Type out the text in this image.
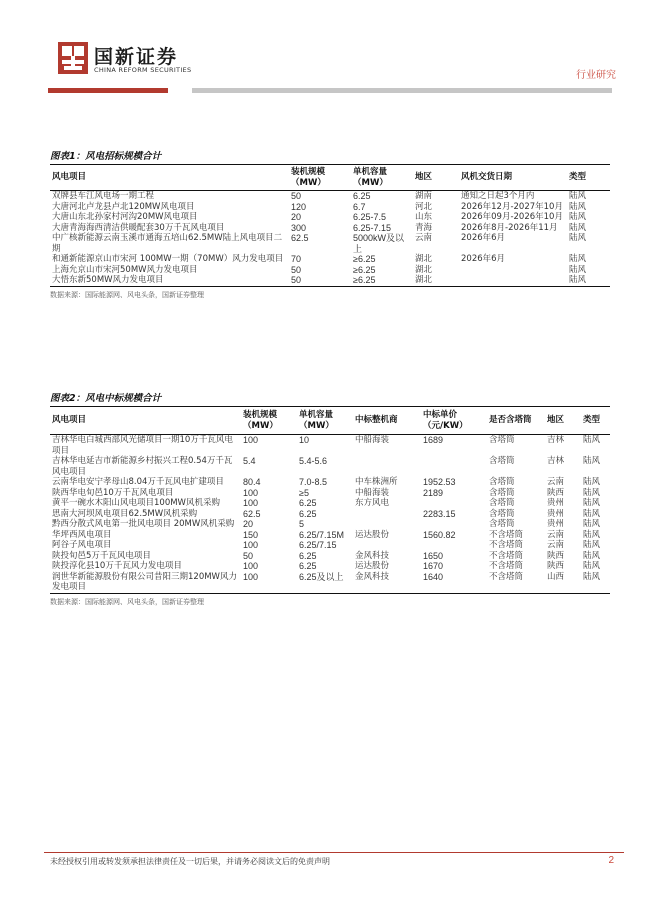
国新证券
CHINA REFORM SECURITIES	行业研究
图表1：风电招标规模合计
风电项目	装机规模（MW）	单机容量（MW）	地区	风机交货日期	类型
双牌县车江风电场一期工程	50	6.25	湖南	通知之日起3个月内	陆风
大唐河北卢龙县卢北120MW风电项目	120	6.7	河北	2026年12月-2027年10月	陆风
大唐山东北孙家村河沟20MW风电项目	20	6.25-7.5	山东	2026年09月-2026年10月	陆风
大唐青海海西清洁供暖配套30万千瓦风电项目	300	6.25-7.15	青海	2026年8月-2026年11月	陆风
中广核新能源云南玉溪市通海五培山62.5MW陆上风电项目二期	62.5	5000kW及以上	云南	2026年6月	陆风
和通新能源京山市宋河 100MW一期（70MW）风力发电项目	70	≥6.25	湖北	2026年6月	陆风
上海允京山市宋河50MW风力发电项目	50	≥6.25	湖北		陆风
大悟东新50MW风力发电项目	50	≥6.25	湖北		陆风
数据来源：国际能源网、风电头条，国新证券整理
图表2：风电中标规模合计
风电项目	装机规模（MW）	单机容量（MW）	中标整机商	中标单价（元/KW）	是否含塔筒	地区	类型
吉林华电白城西部风光储项目一期10万千瓦风电项目	100	10	中船海装	1689	含塔筒	吉林	陆风
吉林华电延吉市新能源乡村振兴工程0.54万千瓦风电项目	5.4	5.4-5.6			含塔筒	吉林	陆风
云南华电安宁孝母山8.04万千瓦风电扩建项目	80.4	7.0-8.5	中车株洲所	1952.53	含塔筒	云南	陆风
陕西华电旬邑10万千瓦风电项目	100	≥5	中船海装	2189	含塔筒	陕西	陆风
黄平一碗水木阳山风电项目100MW风机采购	100	6.25	东方风电		含塔筒	贵州	陆风
思南大河坝风电项目62.5MW风机采购	62.5	6.25		2283.15	含塔筒	贵州	陆风
黔西分散式风电第一批风电项目 20MW风机采购	20	5			含塔筒	贵州	陆风
华坪西风电项目	150	6.25/7.15M	运达股份	1560.82	不含塔筒	云南	陆风
阿谷子风电项目	100	6.25/7.15			不含塔筒	云南	陆风
陕投旬邑5万千瓦风电项目	50	6.25	金风科技	1650	不含塔筒	陕西	陆风
陕投淳化县10万千瓦风力发电项目	100	6.25	运达股份	1670	不含塔筒	陕西	陆风
润世华新能源股份有限公司昔阳三期120MW风力发电项目	100	6.25及以上	金风科技	1640	不含塔筒	山西	陆风
数据来源：国际能源网、风电头条，国新证券整理
未经授权引用或转发须承担法律责任及一切后果，并请务必阅读文后的免责声明	2
